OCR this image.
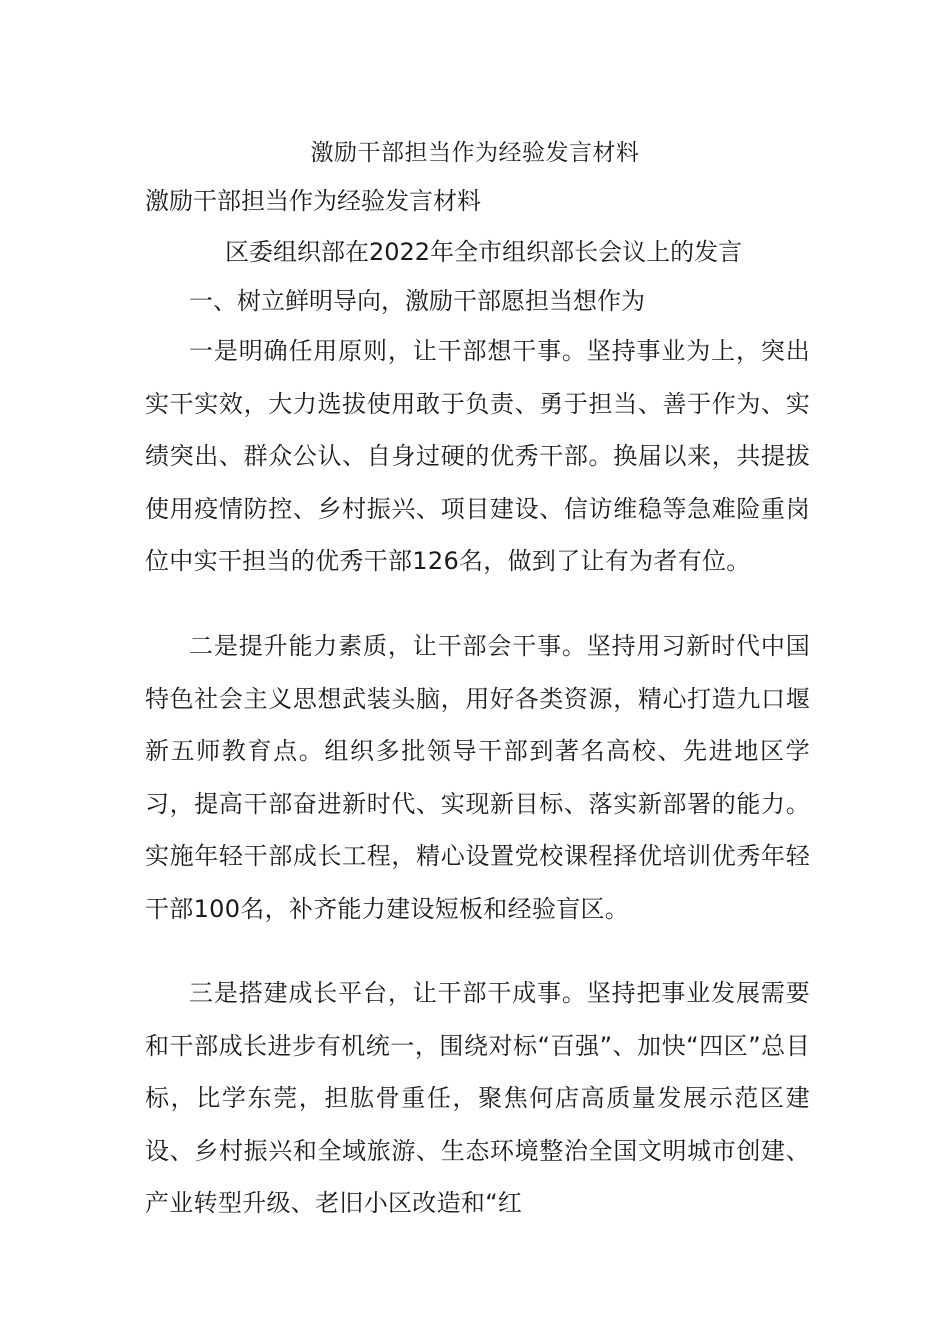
激励干部担当作为经验发言材料
激励干部担当作为经验发言材料
区委组织部在2022年全市组织部长会议上的发言
一、树立鲜明导向，激励干部愿担当想作为

一是明确任用原则，让干部想干事。坚持事业为上，突出实干实效，大力选拔使用敢于负责、勇于担当、善于作为、实绩突出、群众公认、自身过硬的优秀干部。换届以来，共提拔使用疫情防控、乡村振兴、项目建设、信访维稳等急难险重岗位中实干担当的优秀干部126名，做到了让有为者有位。

二是提升能力素质，让干部会干事。坚持用习新时代中国特色社会主义思想武装头脑，用好各类资源，精心打造九口堰新五师教育点。组织多批领导干部到著名高校、先进地区学习，提高干部奋进新时代、实现新目标、落实新部署的能力。实施年轻干部成长工程，精心设置党校课程择优培训优秀年轻干部100名，补齐能力建设短板和经验盲区。

三是搭建成长平台，让干部干成事。坚持把事业发展需要和干部成长进步有机统一，围绕对标“百强”、加快“四区”总目标，比学东莞，担肱骨重任，聚焦何店高质量发展示范区建设、乡村振兴和全域旅游、生态环境整治全国文明城市创建、产业转型升级、老旧小区改造和“红
